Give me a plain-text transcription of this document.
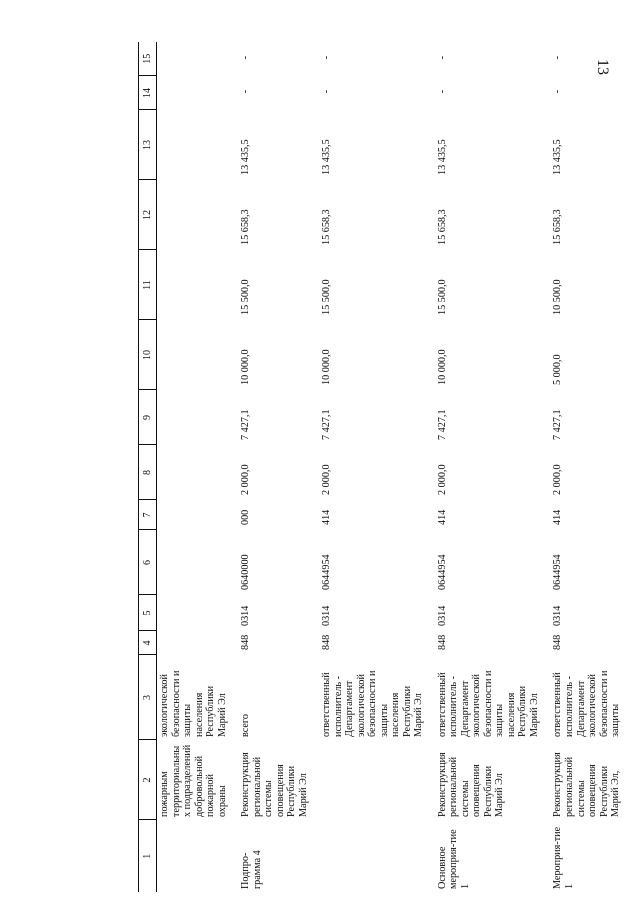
13
1	2	3	4	5	6	7	8	9	10	11	12	13	14	15
	пожарным территориальных подразделений добровольной пожарной охраны	экологической безопасности и защиты населения Республики Марий Эл												
Подпро-грамма 4	Реконструкция региональной системы оповещения Республики Марий Эл	всего	848	0314	0640000	000	2 000,0	7 427,1	10 000,0	15 500,0	15 658,3	13 435,5	-	-
		ответственный исполнитель - Департамент экологической безопасности и защиты населения Республики Марий Эл	848	0314	0644954	414	2 000,0	7 427,1	10 000,0	15 500,0	15 658,3	13 435,5	-	-
Основное мероприя-тие 1	Реконструкция региональной системы оповещения Республики Марий Эл	ответственный исполнитель - Департамент экологической безопасности и защиты населения Республики Марий Эл	848	0314	0644954	414	2 000,0	7 427,1	10 000,0	15 500,0	15 658,3	13 435,5	-	-
Мероприя-тие 1	Реконструкция региональной системы оповещения Республики Марий Эл,	ответственный исполнитель - Департамент экологической безопасности и защиты	848	0314	0644954	414	2 000,0	7 427,1	5 000,0	10 500,0	15 658,3	13 435,5	-	-
